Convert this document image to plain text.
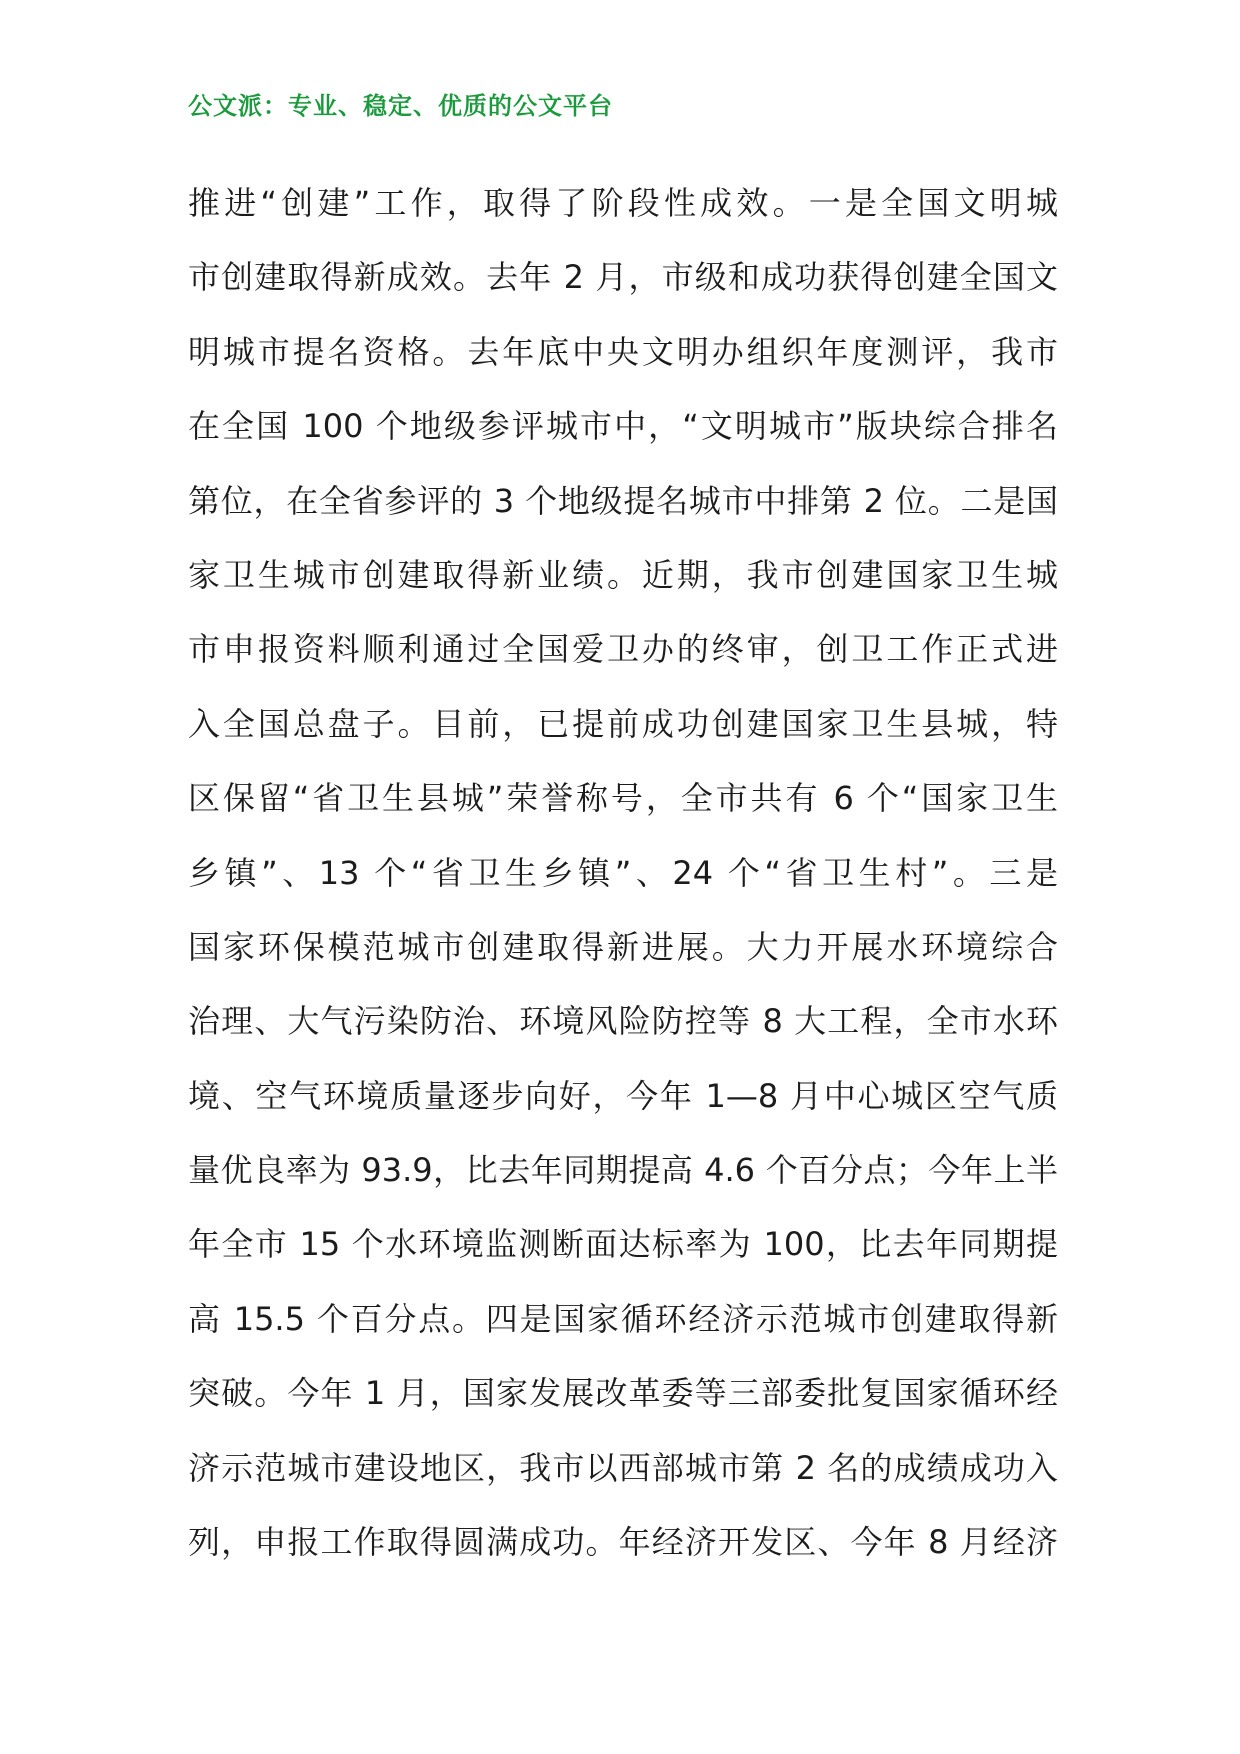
公文派：专业、稳定、优质的公文平台
推进“创建”工作，取得了阶段性成效。一是全国文明城
市创建取得新成效。去年 2 月，市级和成功获得创建全国文
明城市提名资格。去年底中央文明办组织年度测评，我市
在全国 100 个地级参评城市中，“文明城市”版块综合排名
第位，在全省参评的 3 个地级提名城市中排第 2 位。二是国
家卫生城市创建取得新业绩。近期，我市创建国家卫生城
市申报资料顺利通过全国爱卫办的终审，创卫工作正式进
入全国总盘子。目前，已提前成功创建国家卫生县城，特
区保留“省卫生县城”荣誉称号，全市共有 6 个“国家卫生
乡镇”、13 个“省卫生乡镇”、24 个“省卫生村”。三是
国家环保模范城市创建取得新进展。大力开展水环境综合
治理、大气污染防治、环境风险防控等 8 大工程，全市水环
境、空气环境质量逐步向好，今年 1—8 月中心城区空气质
量优良率为 93.9，比去年同期提高 4.6 个百分点；今年上半
年全市 15 个水环境监测断面达标率为 100，比去年同期提
高 15.5 个百分点。四是国家循环经济示范城市创建取得新
突破。今年 1 月，国家发展改革委等三部委批复国家循环经
济示范城市建设地区，我市以西部城市第 2 名的成绩成功入
列，申报工作取得圆满成功。年经济开发区、今年 8 月经济
